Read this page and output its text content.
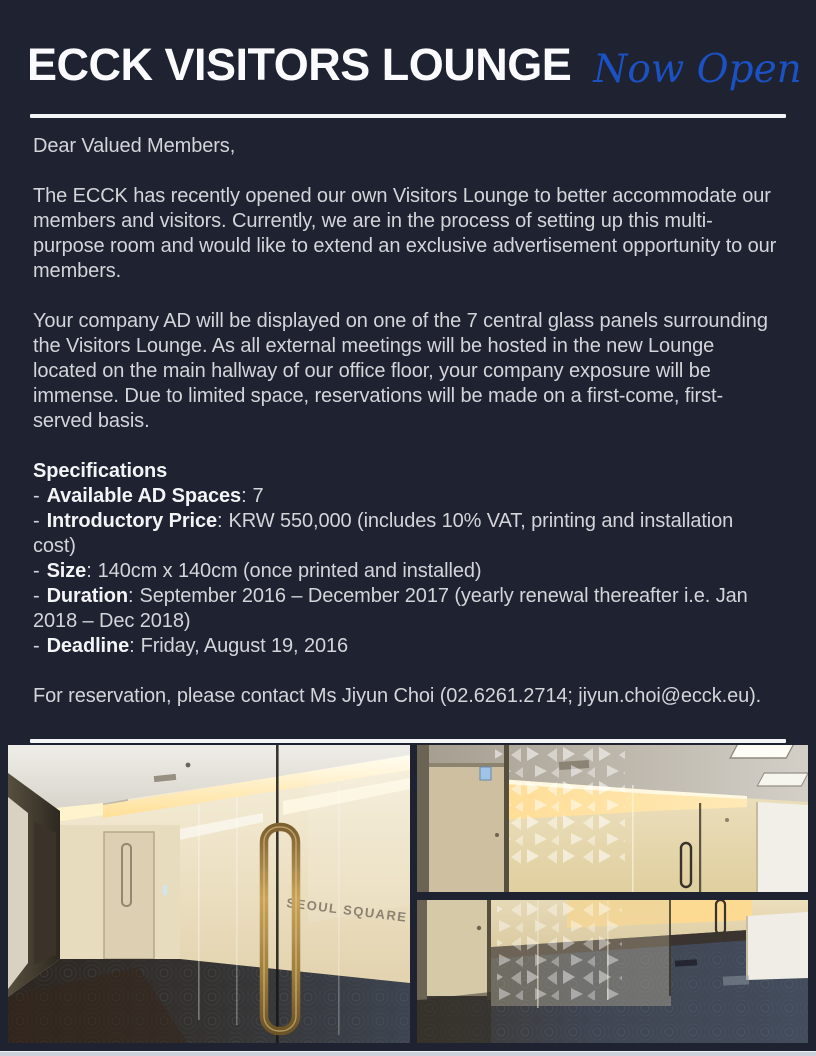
ECCK VISITORS LOUNGE Now Open

Dear Valued Members,

The ECCK has recently opened our own Visitors Lounge to better accommodate our members and visitors. Currently, we are in the process of setting up this multi-purpose room and would like to extend an exclusive advertisement opportunity to our members.

Your company AD will be displayed on one of the 7 central glass panels surrounding the Visitors Lounge. As all external meetings will be hosted in the new Lounge located on the main hallway of our office floor, your company exposure will be immense. Due to limited space, reservations will be made on a first-come, first-served basis.

Specifications
- Available AD Spaces: 7
- Introductory Price: KRW 550,000 (includes 10% VAT, printing and installation cost)
- Size: 140cm x 140cm (once printed and installed)
- Duration: September 2016 – December 2017 (yearly renewal thereafter i.e. Jan 2018 – Dec 2018)
- Deadline: Friday, August 19, 2016

For reservation, please contact Ms Jiyun Choi (02.6261.2714; jiyun.choi@ecck.eu).

SEOUL SQUARE
